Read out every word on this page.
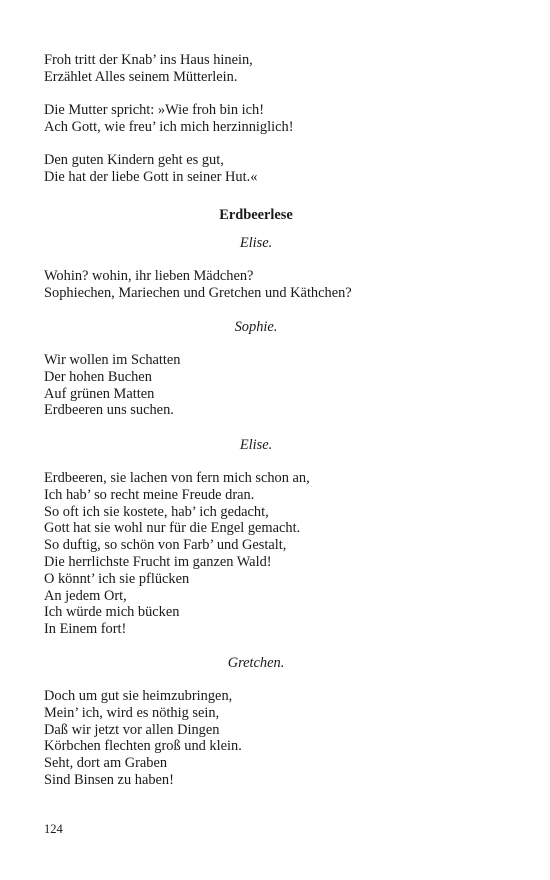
Froh tritt der Knab’ ins Haus hinein,
Erzählet Alles seinem Mütterlein.
Die Mutter spricht: »Wie froh bin ich!
Ach Gott, wie freu’ ich mich herzinniglich!
Den guten Kindern geht es gut,
Die hat der liebe Gott in seiner Hut.«
Erdbeerlese
Elise.
Wohin? wohin, ihr lieben Mädchen?
Sophiechen, Mariechen und Gretchen und Käthchen?
Sophie.
Wir wollen im Schatten
Der hohen Buchen
Auf grünen Matten
Erdbeeren uns suchen.
Elise.
Erdbeeren, sie lachen von fern mich schon an,
Ich hab’ so recht meine Freude dran.
So oft ich sie kostete, hab’ ich gedacht,
Gott hat sie wohl nur für die Engel gemacht.
So duftig, so schön von Farb’ und Gestalt,
Die herrlichste Frucht im ganzen Wald!
O könnt’ ich sie pflücken
An jedem Ort,
Ich würde mich bücken
In Einem fort!
Gretchen.
Doch um gut sie heimzubringen,
Mein’ ich, wird es nöthig sein,
Daß wir jetzt vor allen Dingen
Körbchen flechten groß und klein.
Seht, dort am Graben
Sind Binsen zu haben!
124
